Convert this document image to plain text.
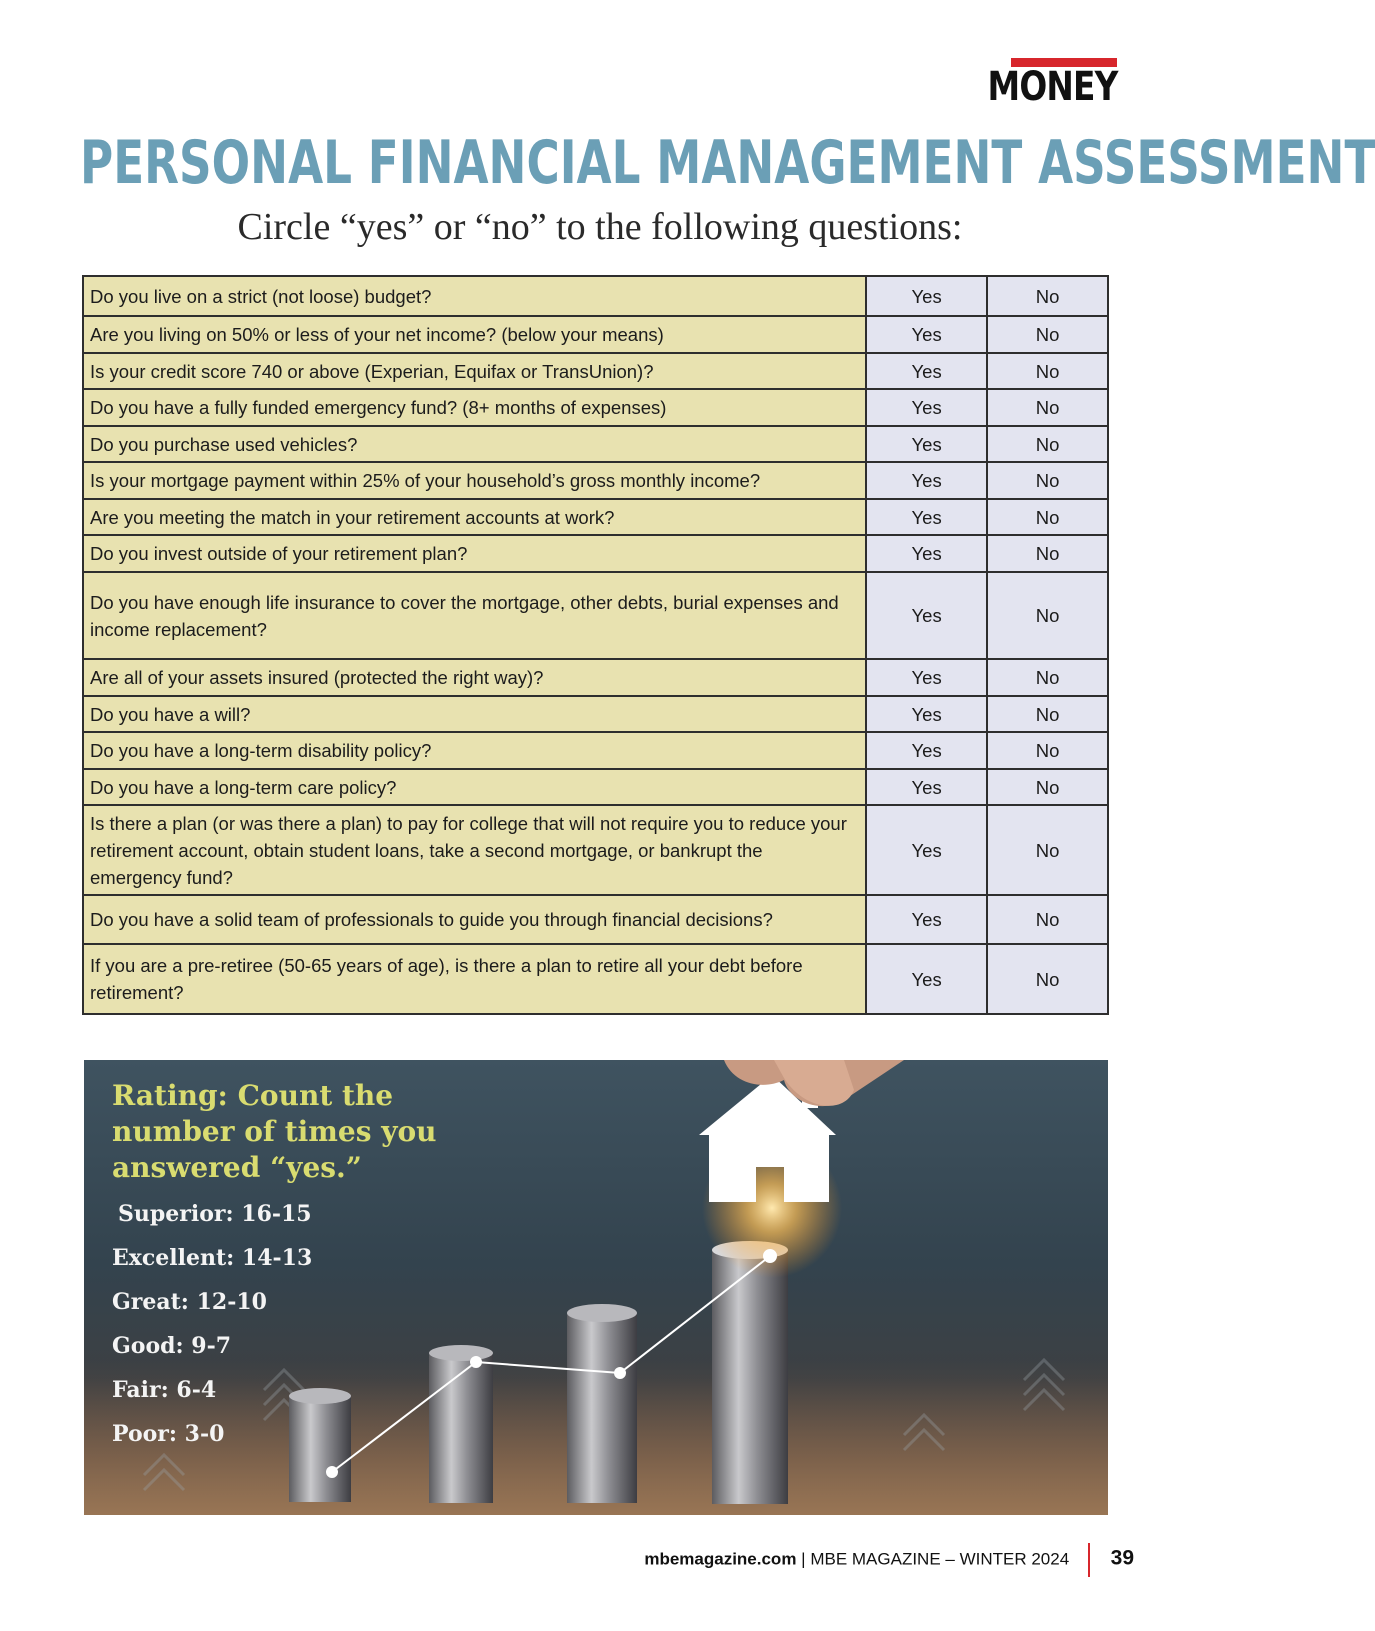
MONEY
PERSONAL FINANCIAL MANAGEMENT ASSESSMENT
Circle “yes” or “no” to the following questions:
Do you live on a strict (not loose) budget?	Yes	No
Are you living on 50% or less of your net income? (below your means)	Yes	No
Is your credit score 740 or above (Experian, Equifax or TransUnion)?	Yes	No
Do you have a fully funded emergency fund? (8+ months of expenses)	Yes	No
Do you purchase used vehicles?	Yes	No
Is your mortgage payment within 25% of your household’s gross monthly income?	Yes	No
Are you meeting the match in your retirement accounts at work?	Yes	No
Do you invest outside of your retirement plan?	Yes	No
Do you have enough life insurance to cover the mortgage, other debts, burial expenses and income replacement?	Yes	No
Are all of your assets insured (protected the right way)?	Yes	No
Do you have a will?	Yes	No
Do you have a long-term disability policy?	Yes	No
Do you have a long-term care policy?	Yes	No
Is there a plan (or was there a plan) to pay for college that will not require you to reduce your retirement account, obtain student loans, take a second mortgage, or bankrupt the emergency fund?	Yes	No
Do you have a solid team of professionals to guide you through financial decisions?	Yes	No
If you are a pre-retiree (50-65 years of age), is there a plan to retire all your debt before retirement?	Yes	No
Rating: Count the number of times you answered “yes.”
Superior: 16-15
Excellent: 14-13
Great: 12-10
Good: 9-7
Fair: 6-4
Poor: 3-0
mbemagazine.com | MBE MAGAZINE – WINTER 2024 39
